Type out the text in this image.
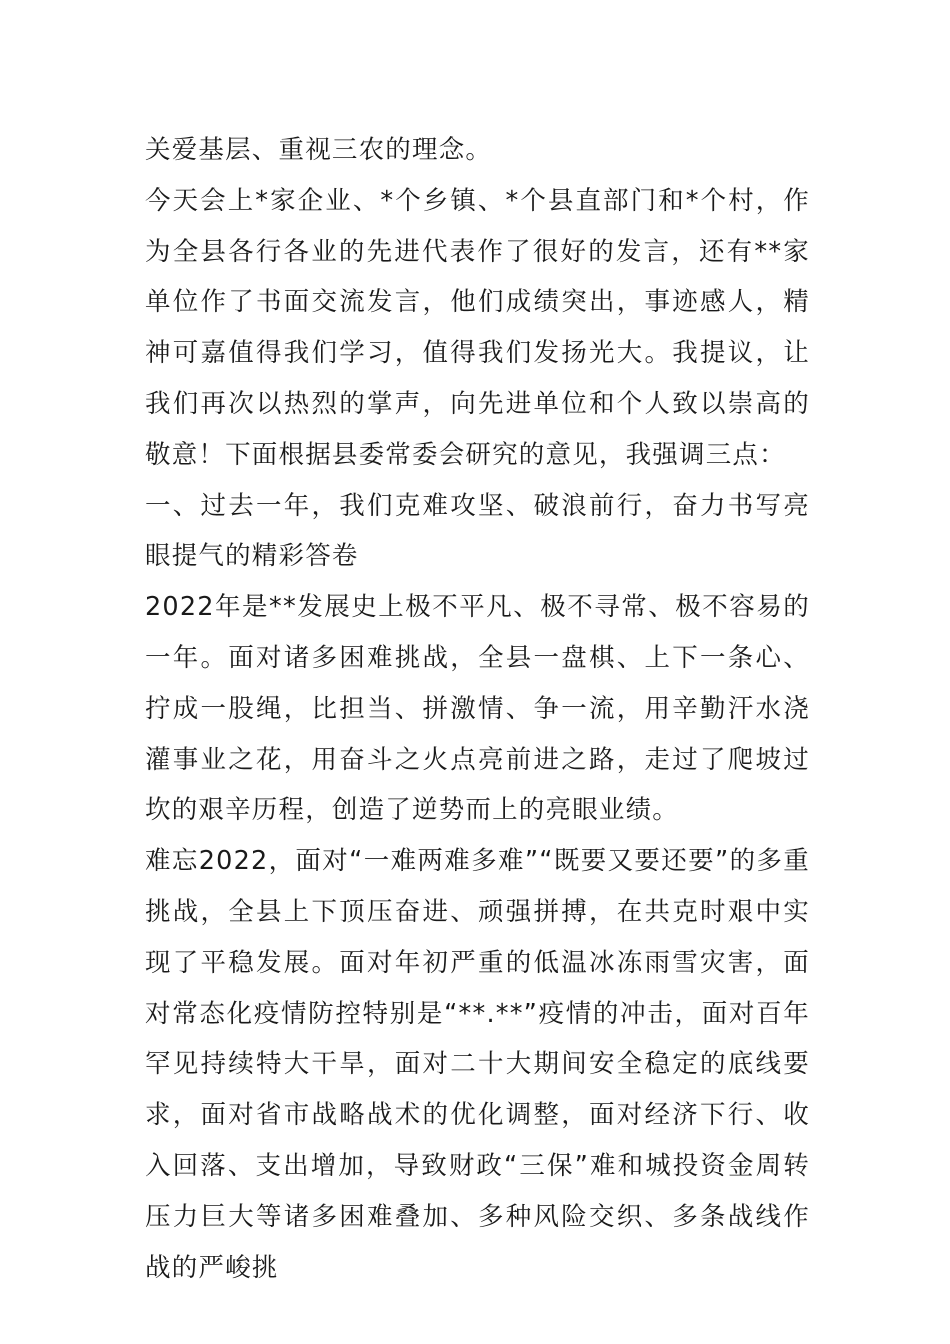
关爱基层、重视三农的理念。

今天会上*家企业、*个乡镇、*个县直部门和*个村，作为全县各行各业的先进代表作了很好的发言，还有**家单位作了书面交流发言，他们成绩突出，事迹感人，精神可嘉值得我们学习，值得我们发扬光大。我提议，让我们再次以热烈的掌声，向先进单位和个人致以崇高的敬意！下面根据县委常委会研究的意见，我强调三点：

一、过去一年，我们克难攻坚、破浪前行，奋力书写亮眼提气的精彩答卷

2022年是**发展史上极不平凡、极不寻常、极不容易的一年。面对诸多困难挑战，全县一盘棋、上下一条心、拧成一股绳，比担当、拼激情、争一流，用辛勤汗水浇灌事业之花，用奋斗之火点亮前进之路，走过了爬坡过坎的艰辛历程，创造了逆势而上的亮眼业绩。

难忘2022，面对“一难两难多难”“既要又要还要”的多重挑战，全县上下顶压奋进、顽强拼搏，在共克时艰中实现了平稳发展。面对年初严重的低温冰冻雨雪灾害，面对常态化疫情防控特别是“**.**”疫情的冲击，面对百年罕见持续特大干旱，面对二十大期间安全稳定的底线要求，面对省市战略战术的优化调整，面对经济下行、收入回落、支出增加，导致财政“三保”难和城投资金周转压力巨大等诸多困难叠加、多种风险交织、多条战线作战的严峻挑
